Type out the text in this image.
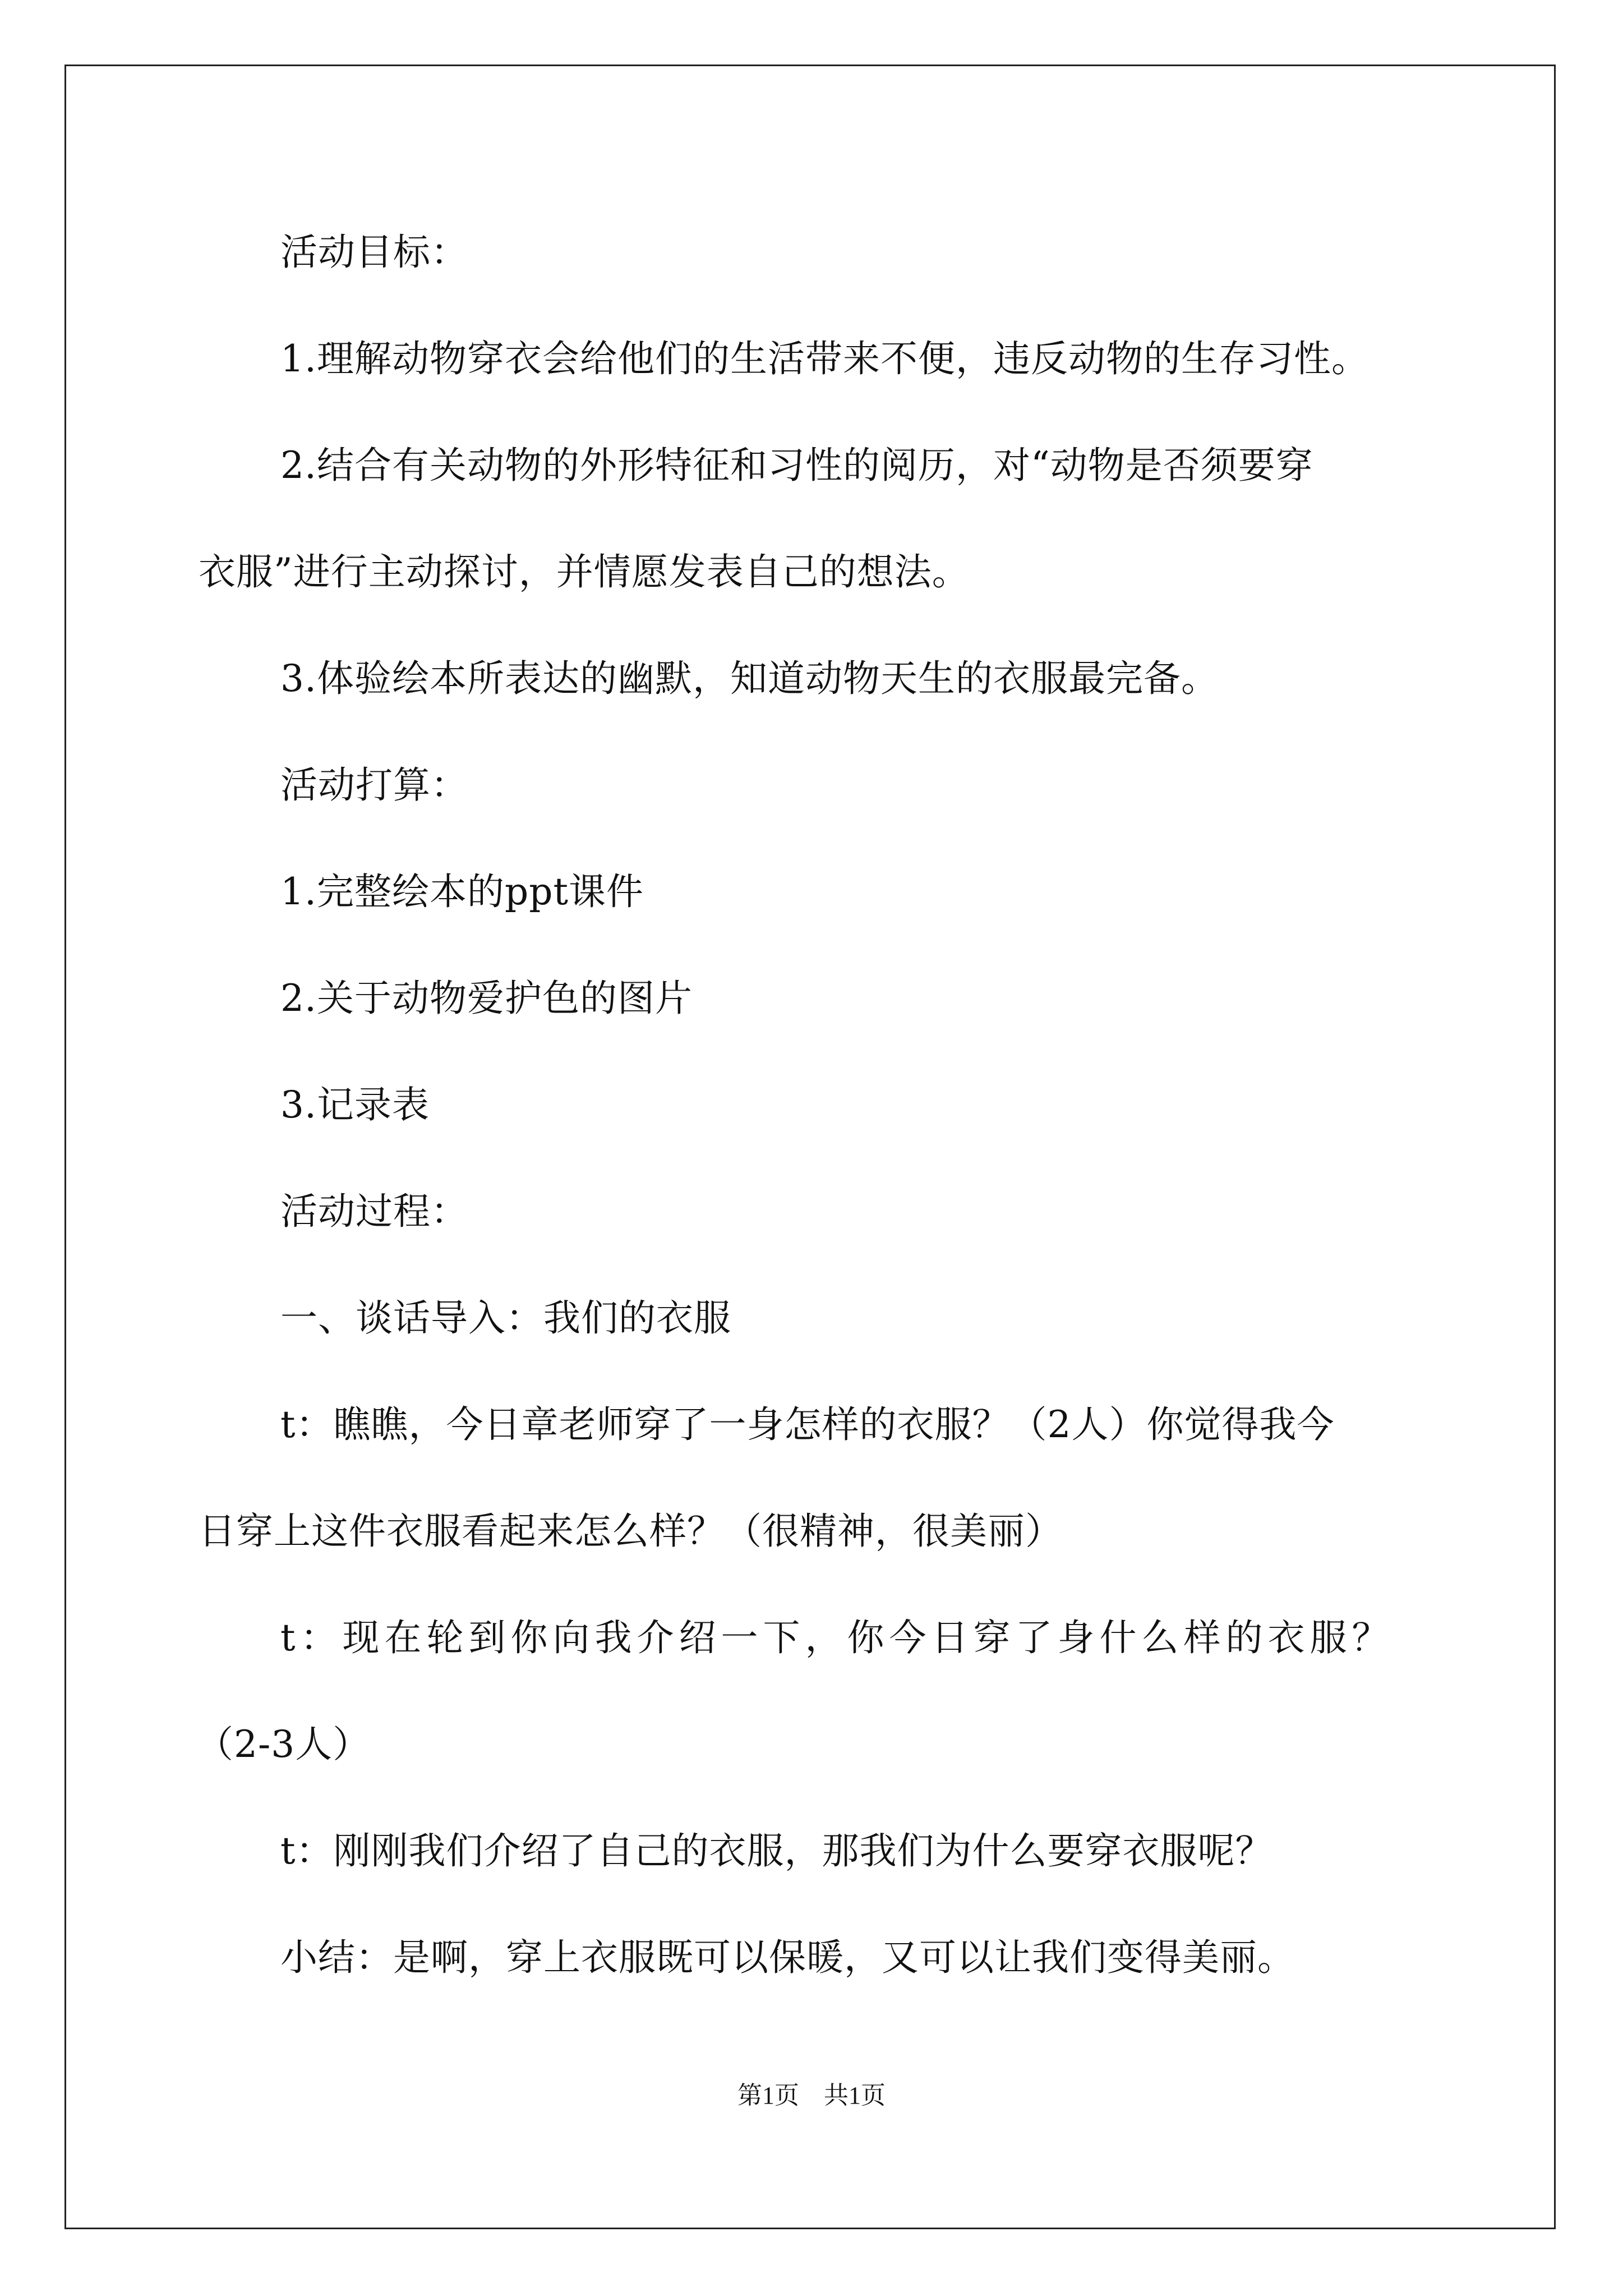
活动目标：
1.理解动物穿衣会给他们的生活带来不便，违反动物的生存习性。
2.结合有关动物的外形特征和习性的阅历，对“动物是否须要穿
衣服”进行主动探讨，并情愿发表自己的想法。
3.体验绘本所表达的幽默，知道动物天生的衣服最完备。
活动打算：
1.完整绘本的ppt课件
2.关于动物爱护色的图片
3.记录表
活动过程：
一、谈话导入：我们的衣服
t：瞧瞧，今日章老师穿了一身怎样的衣服？（2人）你觉得我今
日穿上这件衣服看起来怎么样？（很精神，很美丽）
t：现在轮到你向我介绍一下，你今日穿了身什么样的衣服？
（2-3人）
t：刚刚我们介绍了自己的衣服，那我们为什么要穿衣服呢？
小结：是啊，穿上衣服既可以保暖，又可以让我们变得美丽。
第1页　共1页
